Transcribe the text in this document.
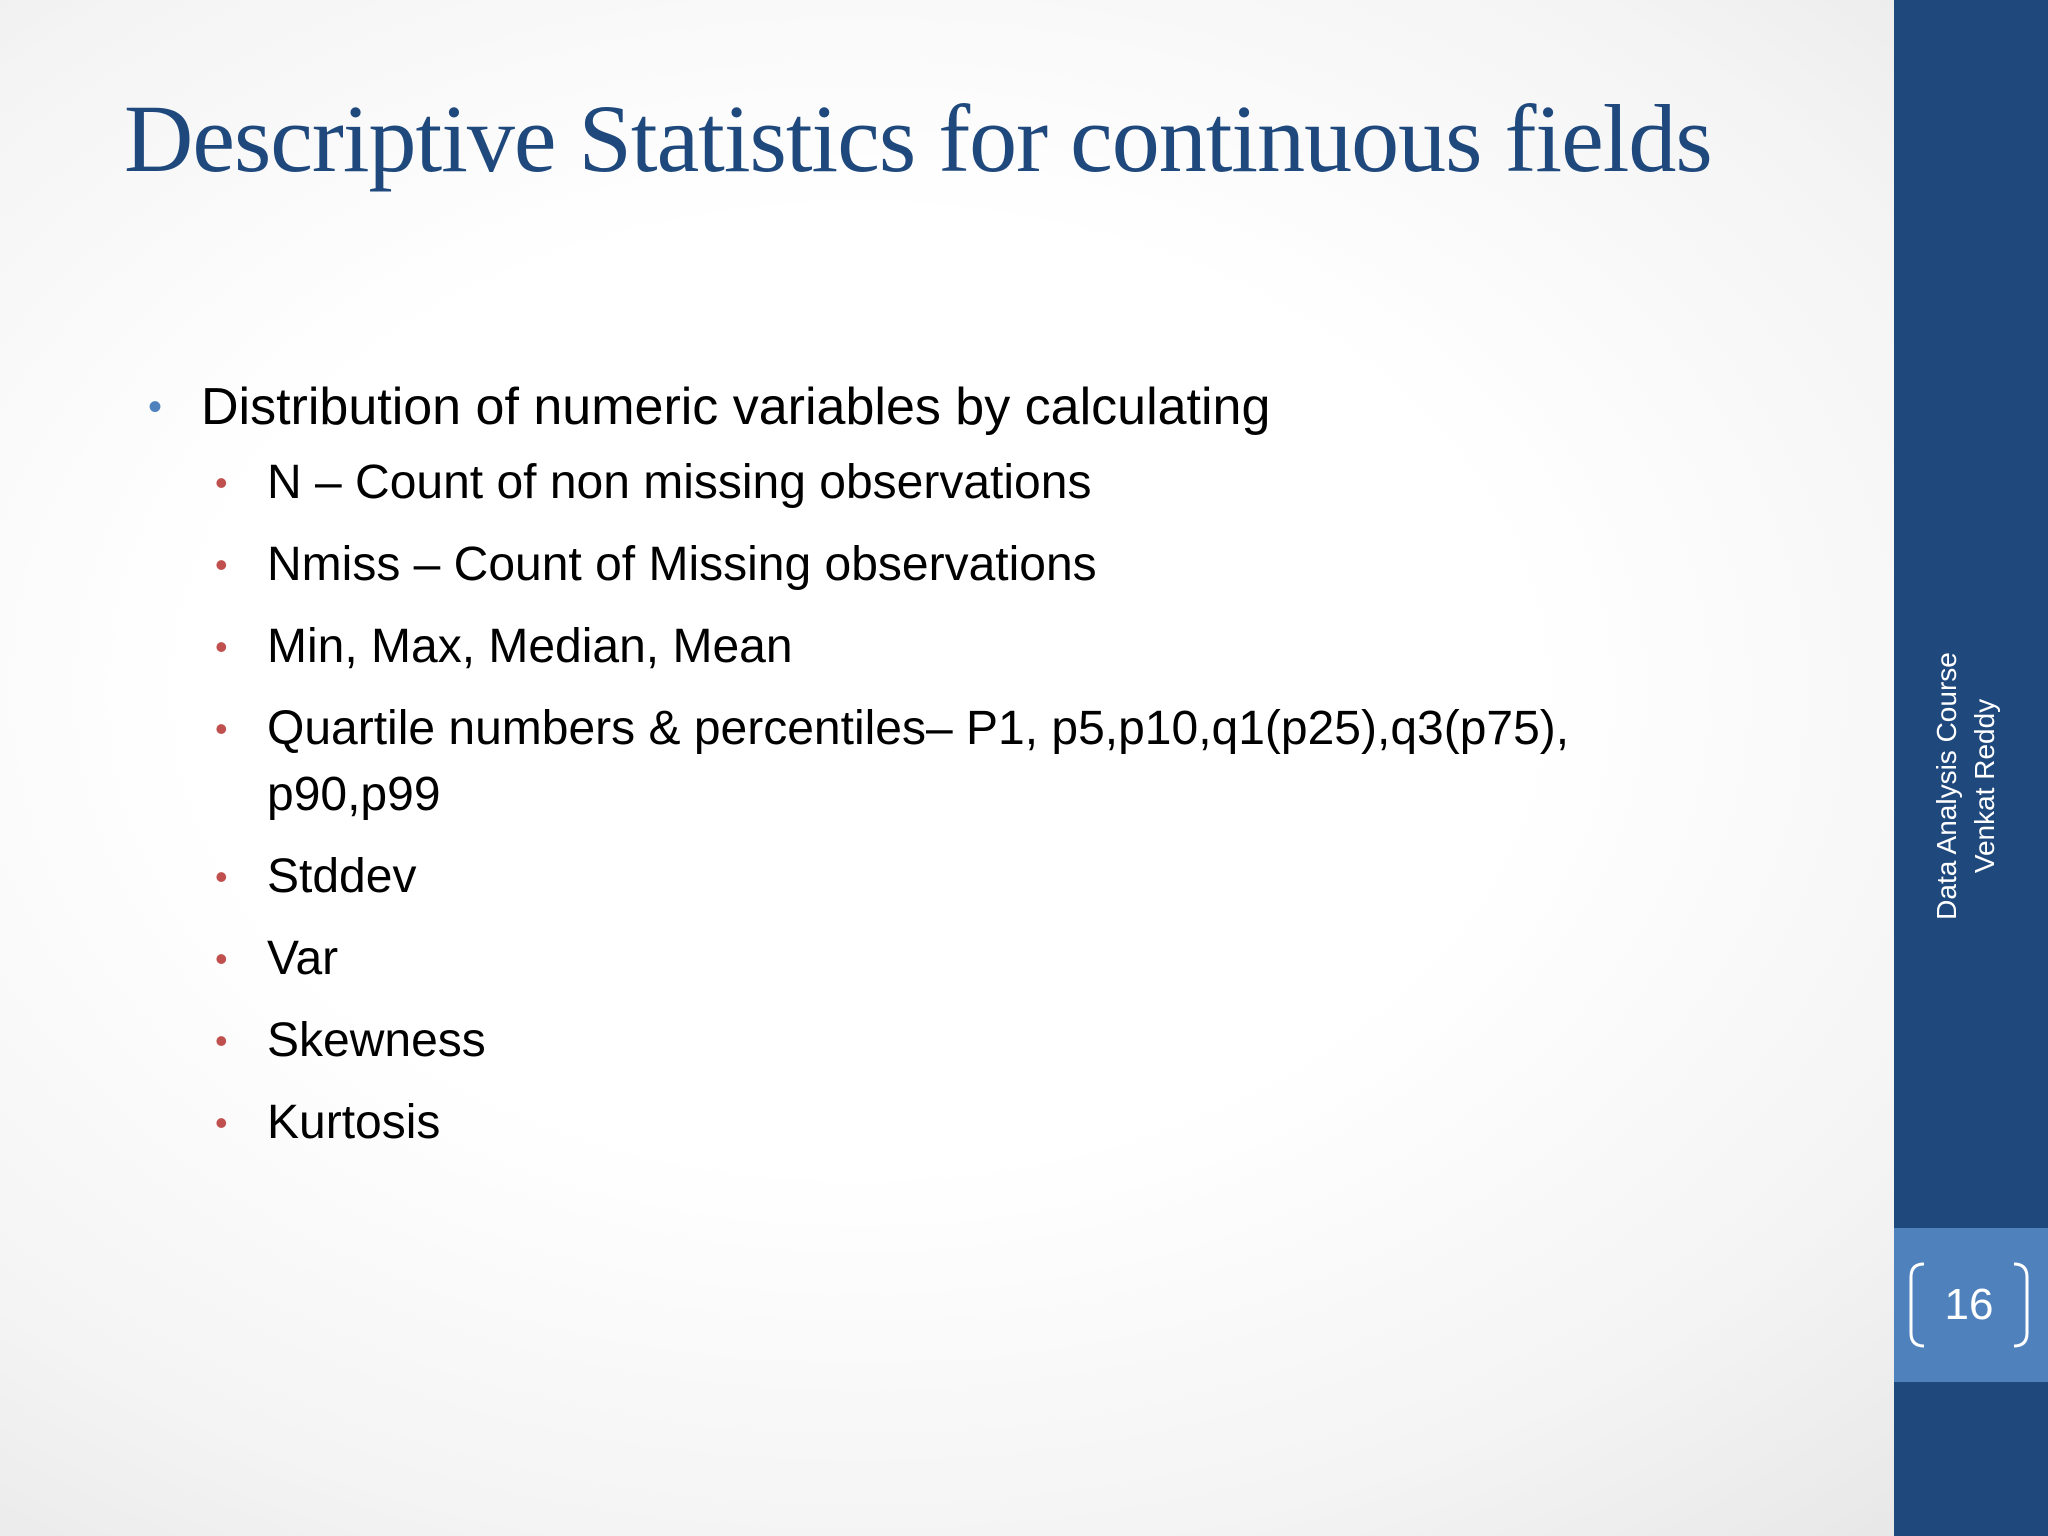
Descriptive Statistics for continuous fields
• Distribution of numeric variables by calculating
• N – Count of non missing observations
• Nmiss – Count of Missing observations
• Min, Max, Median, Mean
• Quartile numbers & percentiles– P1, p5,p10,q1(p25),q3(p75), p90,p99
• Stddev
• Var
• Skewness
• Kurtosis
Data Analysis Course Venkat Reddy
16
